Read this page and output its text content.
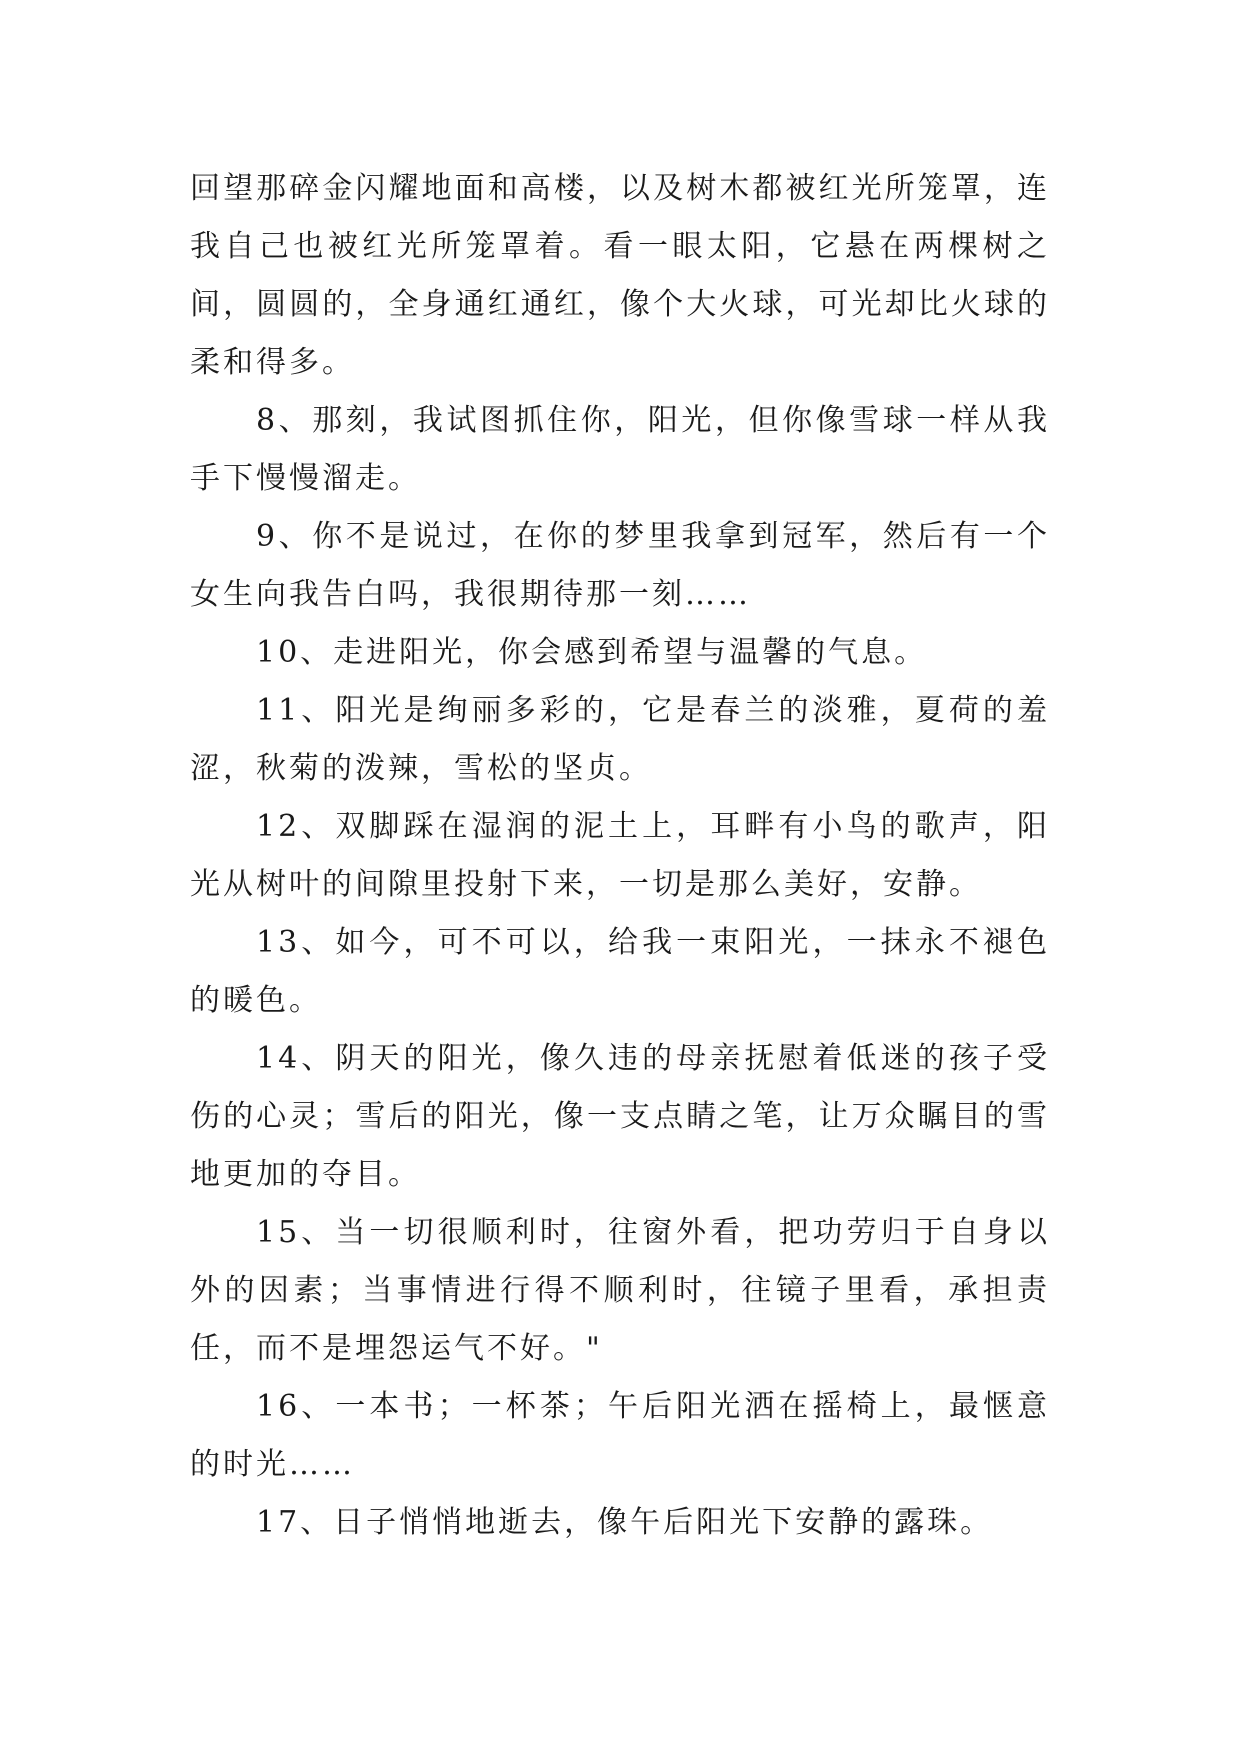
回望那碎金闪耀地面和高楼，以及树木都被红光所笼罩，连我自己也被红光所笼罩着。看一眼太阳，它悬在两棵树之间，圆圆的，全身通红通红，像个大火球，可光却比火球的柔和得多。

8、那刻，我试图抓住你，阳光，但你像雪球一样从我手下慢慢溜走。

9、你不是说过，在你的梦里我拿到冠军，然后有一个女生向我告白吗，我很期待那一刻……

10、走进阳光，你会感到希望与温馨的气息。

11、阳光是绚丽多彩的，它是春兰的淡雅，夏荷的羞涩，秋菊的泼辣，雪松的坚贞。

12、双脚踩在湿润的泥土上，耳畔有小鸟的歌声，阳光从树叶的间隙里投射下来，一切是那么美好，安静。

13、如今，可不可以，给我一束阳光，一抹永不褪色的暖色。

14、阴天的阳光，像久违的母亲抚慰着低迷的孩子受伤的心灵；雪后的阳光，像一支点睛之笔，让万众瞩目的雪地更加的夺目。

15、当一切很顺利时，往窗外看，把功劳归于自身以外的因素；当事情进行得不顺利时，往镜子里看，承担责任，而不是埋怨运气不好。"

16、一本书；一杯茶；午后阳光洒在摇椅上，最惬意的时光……

17、日子悄悄地逝去，像午后阳光下安静的露珠。
